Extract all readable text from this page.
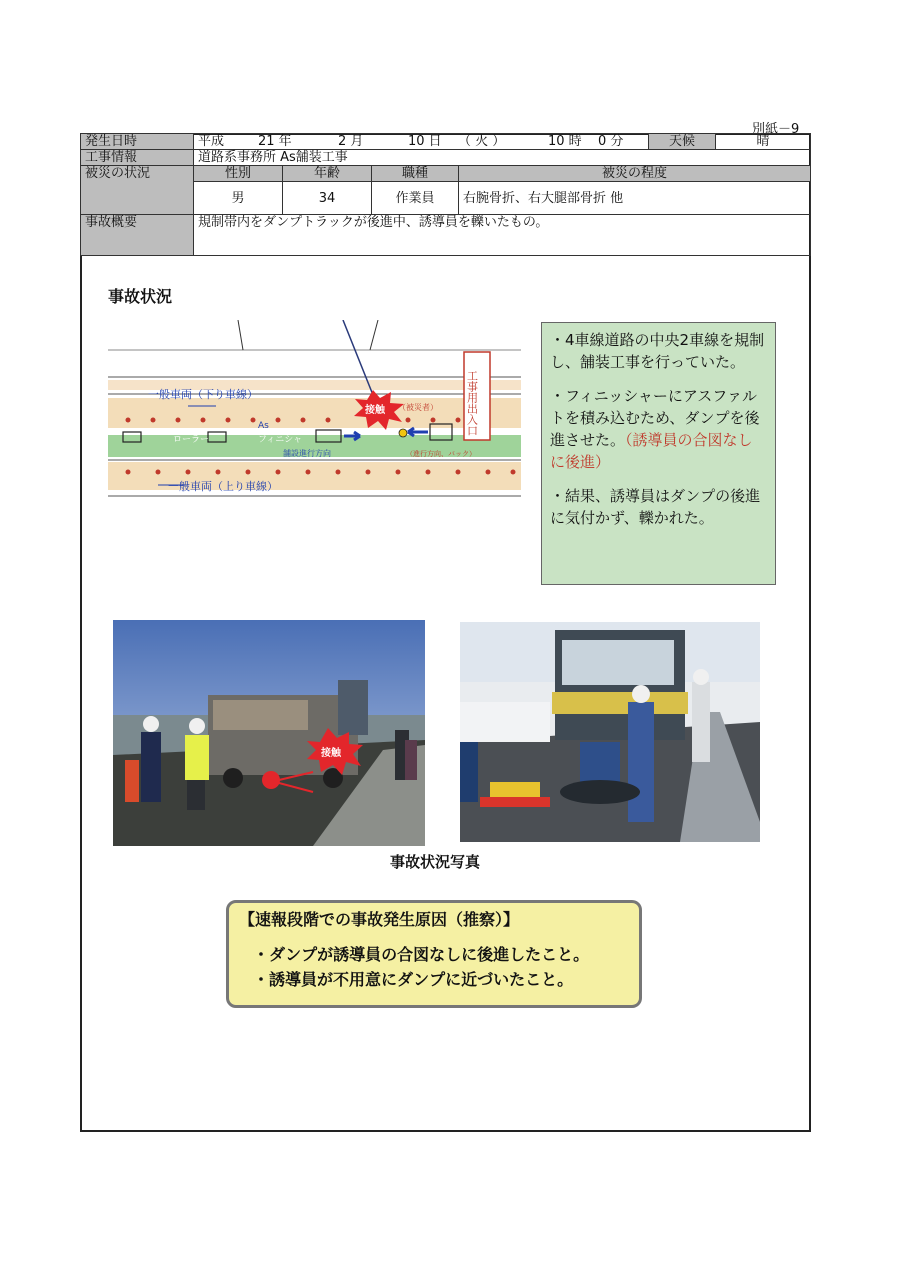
別紙－9
発生日時	平成 21 年 2 月 10 日 （ 火 ） 10 時 0 分				天候	晴
工事情報	道路系事務所 As舗装工事					
被災の状況	性別	年齢	職種	被災の程度		
	男	34	作業員	右腕骨折、右大腿部骨折 他		
事故概要	規制帯内をダンプトラックが後進中、誘導員を轢いたもの。					
事故状況
接触	工事用出入口
一般車両（下り車線）
ローラー
As
フィニシャ
舗設進行方向
（被災者）
（進行方向、バック）
一般車両（上り車線）

・4車線道路の中央2車線を規制し、舗装工事を行っていた。

・フィニッシャーにアスファルトを積み込むため、ダンプを後進させた。（誘導員の合図なしに後進）

・結果、誘導員はダンプの後進に気付かず、轢かれた。

接触
事故状況写真
【速報段階での事故発生原因（推察）】
・ダンプが誘導員の合図なしに後進したこと。
・誘導員が不用意にダンプに近づいたこと。
